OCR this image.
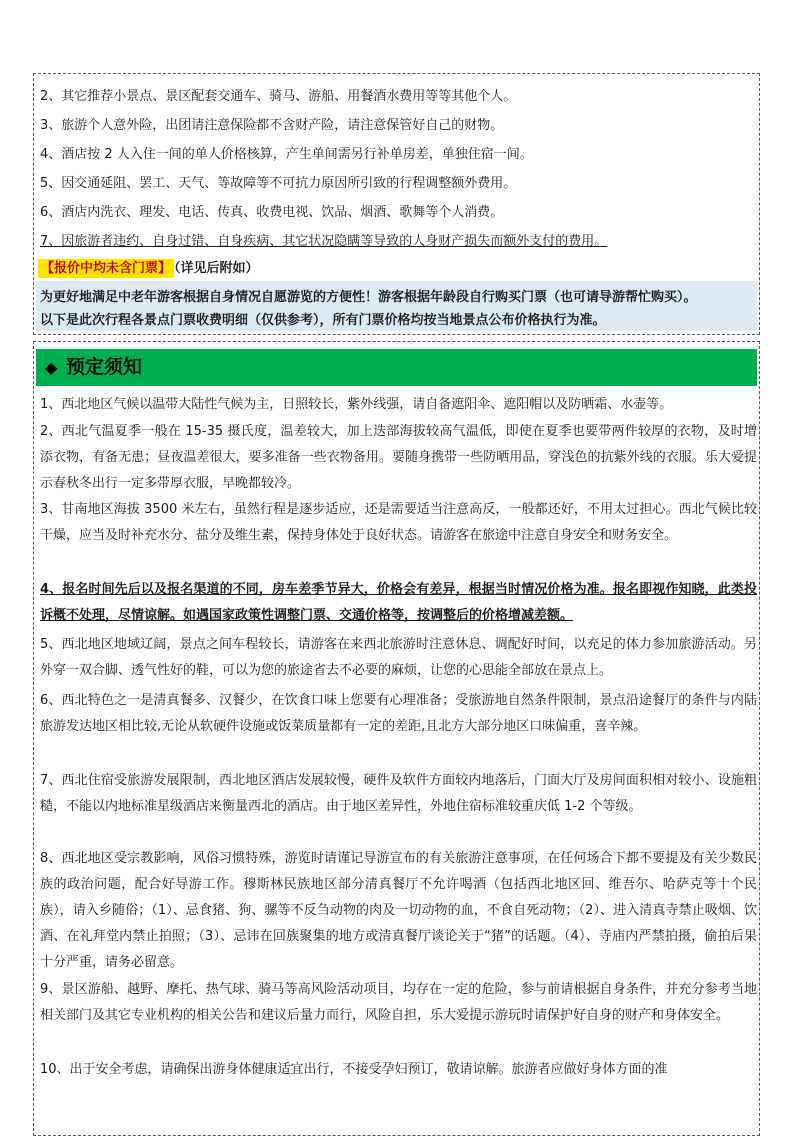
2、其它推荐小景点、景区配套交通车、骑马、游船、用餐酒水费用等等其他个人。
3、旅游个人意外险，出团请注意保险都不含财产险，请注意保管好自己的财物。
4、酒店按 2 人入住一间的单人价格核算，产生单间需另行补单房差，单独住宿一间。
5、因交通延阻、罢工、天气、等故障等不可抗力原因所引致的行程调整额外费用。
6、酒店内洗衣、理发、电话、传真、收费电视、饮品、烟酒、歌舞等个人消费。
7、因旅游者违约、自身过错、自身疾病、其它状况隐瞒等导致的人身财产损失而额外支付的费用。
【报价中均未含门票】 （详见后附如）
为更好地满足中老年游客根据自身情况自愿游览的方便性！游客根据年龄段自行购买门票（也可请导游帮忙购买）。
以下是此次行程各景点门票收费明细（仅供参考），所有门票价格均按当地景点公布价格执行为准。
◆ 预定须知
1、西北地区气候以温带大陆性气候为主，日照较长，紫外线强，请自备遮阳伞、遮阳帽以及防晒霜、水壶等。
2、西北气温夏季一般在 15-35 摄氏度，温差较大，加上迭部海拔较高气温低，即使在夏季也要带两件较厚的衣物，及时增添衣物，有备无患；昼夜温差很大，要多准备一些衣物备用。要随身携带一些防晒用品，穿浅色的抗紫外线的衣服。乐大爱提示春秋冬出行一定多带厚衣服，早晚都较冷。
3、甘南地区海拔 3500 米左右，虽然行程是逐步适应，还是需要适当注意高反，一般都还好，不用太过担心。西北气候比较干燥，应当及时补充水分、盐分及维生素，保持身体处于良好状态。请游客在旅途中注意自身安全和财务安全。
4、报名时间先后以及报名渠道的不同，房车差季节异大，价格会有差异，根据当时情况价格为准。报名即视作知晓，此类投诉概不处理，尽情谅解。如遇国家政策性调整门票、交通价格等，按调整后的价格增减差额。
5、西北地区地域辽阔，景点之间车程较长，请游客在来西北旅游时注意休息、调配好时间，以充足的体力参加旅游活动。另外穿一双合脚、透气性好的鞋，可以为您的旅途省去不必要的麻烦，让您的心思能全部放在景点上。
6、西北特色之一是清真餐多、汉餐少，在饮食口味上您要有心理准备；受旅游地自然条件限制，景点沿途餐厅的条件与内陆旅游发达地区相比较,无论从软硬件设施或饭菜质量都有一定的差距,且北方大部分地区口味偏重，喜辛辣。
7、西北住宿受旅游发展限制，西北地区酒店发展较慢，硬件及软件方面较内地落后，门面大厅及房间面积相对较小、设施粗糙，不能以内地标准星级酒店来衡量西北的酒店。由于地区差异性，外地住宿标准较重庆低 1-2 个等级。
8、西北地区受宗教影响，风俗习惯特殊，游览时请谨记导游宣布的有关旅游注意事项，在任何场合下都不要提及有关少数民族的政治问题，配合好导游工作。穆斯林民族地区部分清真餐厅不允许喝酒（包括西北地区回、维吾尔、哈萨克等十个民族），请入乡随俗；（1）、忌食猪、狗、骡等不反刍动物的肉及一切动物的血，不食自死动物；（2）、进入清真寺禁止吸烟、饮酒、在礼拜堂内禁止拍照；（3）、忌讳在回族聚集的地方或清真餐厅谈论关于“猪”的话题。（4）、寺庙内严禁拍摄，偷拍后果十分严重，请务必留意。
9、景区游船、越野、摩托、热气球、骑马等高风险活动项目，均存在一定的危险，参与前请根据自身条件，并充分参考当地相关部门及其它专业机构的相关公告和建议后量力而行，风险自担，乐大爱提示游玩时请保护好自身的财产和身体安全。
10、出于安全考虑，请确保出游身体健康适宜出行，不接受孕妇预订，敬请谅解。旅游者应做好身体方面的准
